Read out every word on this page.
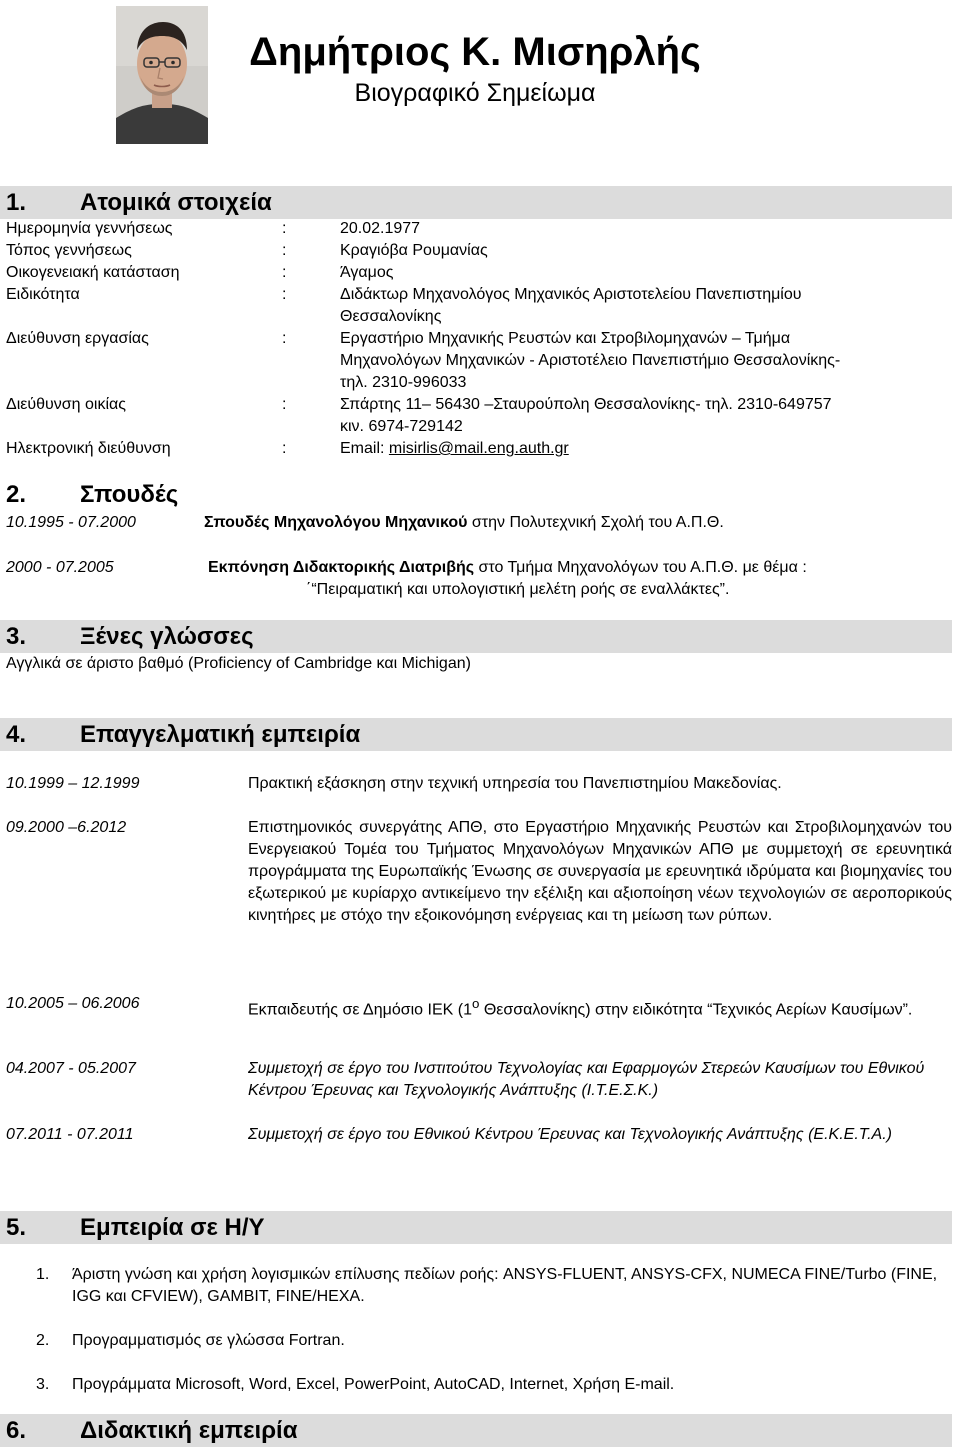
Δημήτριος Κ. Μισηρλής
Βιογραφικό Σημείωμα
1.	Ατομικά στοιχεία
Ημερομηνία γεννήσεως	:	20.02.1977
Τόπος γεννήσεως	:	Κραγιόβα Ρουμανίας
Οικογενειακή κατάσταση	:	Άγαμος
Ειδικότητα	:	Διδάκτωρ Μηχανολόγος Μηχανικός Αριστοτελείου Πανεπιστημίου
Θεσσαλονίκης
Διεύθυνση εργασίας	:	Εργαστήριο Μηχανικής Ρευστών και Στροβιλομηχανών – Τμήμα
Μηχανολόγων Μηχανικών - Αριστοτέλειο Πανεπιστήμιο Θεσσαλονίκης-
τηλ. 2310-996033
Διεύθυνση οικίας	:	Σπάρτης 11– 56430 –Σταυρούπολη Θεσσαλονίκης- τηλ. 2310-649757
κιν. 6974-729142
Ηλεκτρονική διεύθυνση	:	Email: misirlis@mail.eng.auth.gr
2.	Σπουδές
10.1995 - 07.2000	Σπουδές Μηχανολόγου Μηχανικού στην Πολυτεχνική Σχολή του Α.Π.Θ.
2000 - 07.2005	Εκπόνηση Διδακτορικής Διατριβής στο Τμήμα Μηχανολόγων του Α.Π.Θ. με θέμα :
΄“Πειραματική και υπολογιστική μελέτη ροής σε εναλλάκτες”.
3.	Ξένες γλώσσες
Αγγλικά σε άριστο βαθμό (Proficiency of Cambridge και Michigan)
4.	Επαγγελματική εμπειρία
10.1999 – 12.1999	Πρακτική εξάσκηση στην τεχνική υπηρεσία του Πανεπιστημίου Μακεδονίας.
09.2000 –6.2012	Επιστημονικός συνεργάτης ΑΠΘ, στο Εργαστήριο Μηχανικής Ρευστών και Στροβιλομηχανών του Ενεργειακού Τομέα του Τμήματος Μηχανολόγων Μηχανικών ΑΠΘ με συμμετοχή σε ερευνητικά προγράμματα της Ευρωπαϊκής Ένωσης σε συνεργασία με ερευνητικά ιδρύματα και βιομηχανίες του εξωτερικού με κυρίαρχο αντικείμενο την εξέλιξη και αξιοποίηση νέων τεχνολογιών σε αεροπορικούς κινητήρες με στόχο την εξοικονόμηση ενέργειας και τη μείωση των ρύπων.
10.2005 – 06.2006	Εκπαιδευτής σε Δημόσιο ΙΕΚ ($1^o$ Θεσσαλονίκης) στην ειδικότητα “Τεχνικός Αερίων Καυσίμων”.
04.2007 - 05.2007	Συμμετοχή σε έργο του Ινστιτούτου Τεχνολογίας και Εφαρμογών Στερεών Καυσίμων του Εθνικού Κέντρου Έρευνας και Τεχνολογικής Ανάπτυξης (Ι.Τ.Ε.Σ.Κ.)
07.2011 - 07.2011	Συμμετοχή σε έργο του Εθνικού Κέντρου Έρευνας και Τεχνολογικής Ανάπτυξης (Ε.Κ.Ε.Τ.Α.)
5.	Εμπειρία σε Η/Υ
1. Άριστη γνώση και χρήση λογισμικών επίλυσης πεδίων ροής: ANSYS-FLUENT, ANSYS-CFX, NUMECA FINE/Turbo (FINE, IGG και CFVIEW), GAMBIT, FINE/HEXA.
2. Προγραμματισμός σε γλώσσα Fortran.
3. Προγράμματα Microsoft, Word, Excel, PowerPoint, AutoCAD, Internet, Χρήση E-mail.
6.	Διδακτική εμπειρία
